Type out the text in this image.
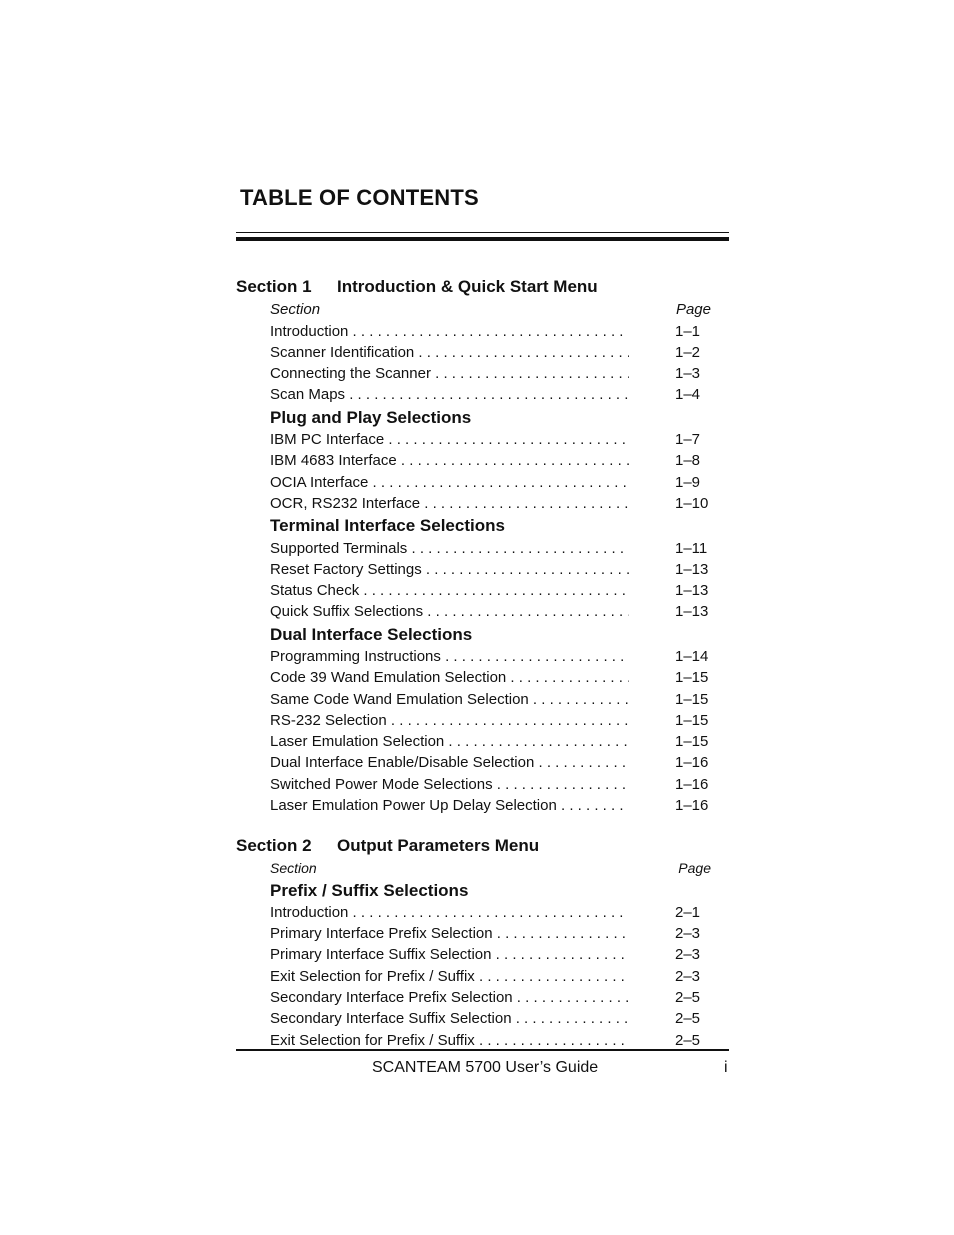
TABLE OF CONTENTS
Section 1 Introduction & Quick Start Menu
Section	Page
Introduction . . .	1–1
Scanner Identification . . .	1–2
Connecting the Scanner . . .	1–3
Scan Maps . . .	1–4
Plug and Play Selections
IBM PC Interface . . .	1–7
IBM 4683 Interface . . .	1–8
OCIA Interface . . .	1–9
OCR, RS232 Interface . . .	1–10
Terminal Interface Selections
Supported Terminals . . .	1–11
Reset Factory Settings . . .	1–13
Status Check . . .	1–13
Quick Suffix Selections . . .	1–13
Dual Interface Selections
Programming Instructions . . .	1–14
Code 39 Wand Emulation Selection . . .	1–15
Same Code Wand Emulation Selection . . .	1–15
RS-232 Selection . . .	1–15
Laser Emulation Selection . . .	1–15
Dual Interface Enable/Disable Selection . . .	1–16
Switched Power Mode Selections . . .	1–16
Laser Emulation Power Up Delay Selection . . .	1–16
Section 2 Output Parameters Menu
Section	Page
Prefix / Suffix Selections
Introduction . . .	2–1
Primary Interface Prefix Selection . . .	2–3
Primary Interface Suffix Selection . . .	2–3
Exit Selection for Prefix / Suffix . . .	2–3
Secondary Interface Prefix Selection . . .	2–5
Secondary Interface Suffix Selection . . .	2–5
Exit Selection for Prefix / Suffix . . .	2–5
SCANTEAM 5700 User’s Guide	i
